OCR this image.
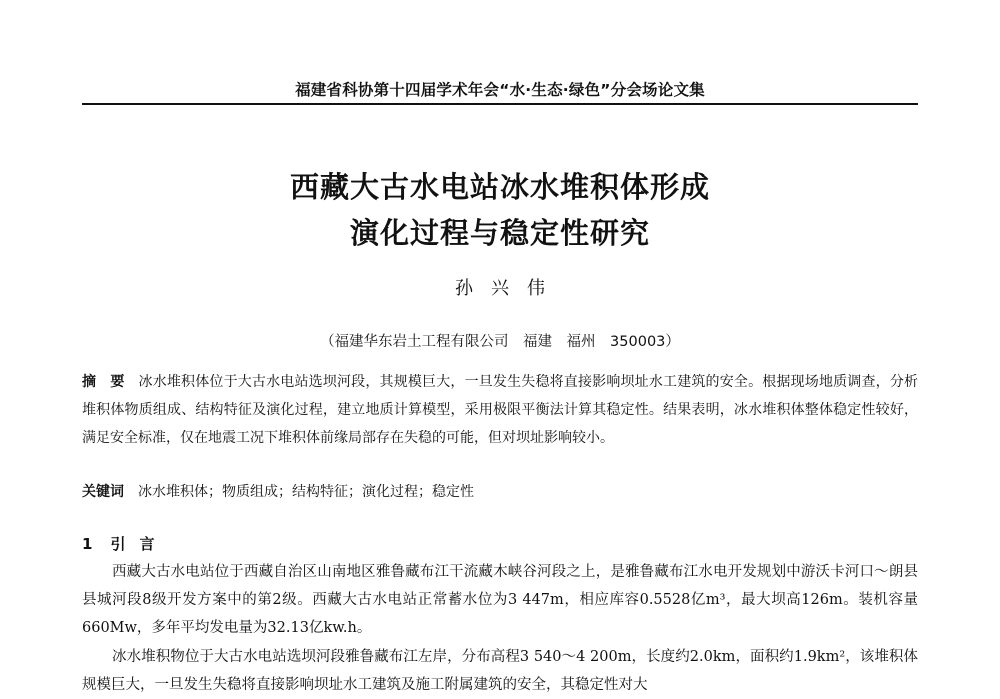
福建省科协第十四届学术年会“水·生态·绿色”分会场论文集
西藏大古水电站冰水堆积体形成
演化过程与稳定性研究
孙兴伟
（福建华东岩土工程有限公司　福建　福州　350003）
摘　要 冰水堆积体位于大古水电站选坝河段，其规模巨大，一旦发生失稳将直接影响坝址水工建筑的安全。根据现场地质调查，分析堆积体物质组成、结构特征及演化过程，建立地质计算模型，采用极限平衡法计算其稳定性。结果表明，冰水堆积体整体稳定性较好，满足安全标准，仅在地震工况下堆积体前缘局部存在失稳的可能，但对坝址影响较小。
关键词 冰水堆积体；物质组成；结构特征；演化过程；稳定性
1 引言

西藏大古水电站位于西藏自治区山南地区雅鲁藏布江干流藏木峡谷河段之上，是雅鲁藏布江水电开发规划中游沃卡河口～朗县县城河段8级开发方案中的第2级。西藏大古水电站正常蓄水位为3 447m，相应库容0.5528亿m³，最大坝高126m。装机容量660Mw，多年平均发电量为32.13亿kw.h。

冰水堆积物位于大古水电站选坝河段雅鲁藏布江左岸，分布高程3 540～4 200m，长度约2.0km，面积约1.9km²，该堆积体规模巨大，一旦发生失稳将直接影响坝址水工建筑及施工附属建筑的安全，其稳定性对大
